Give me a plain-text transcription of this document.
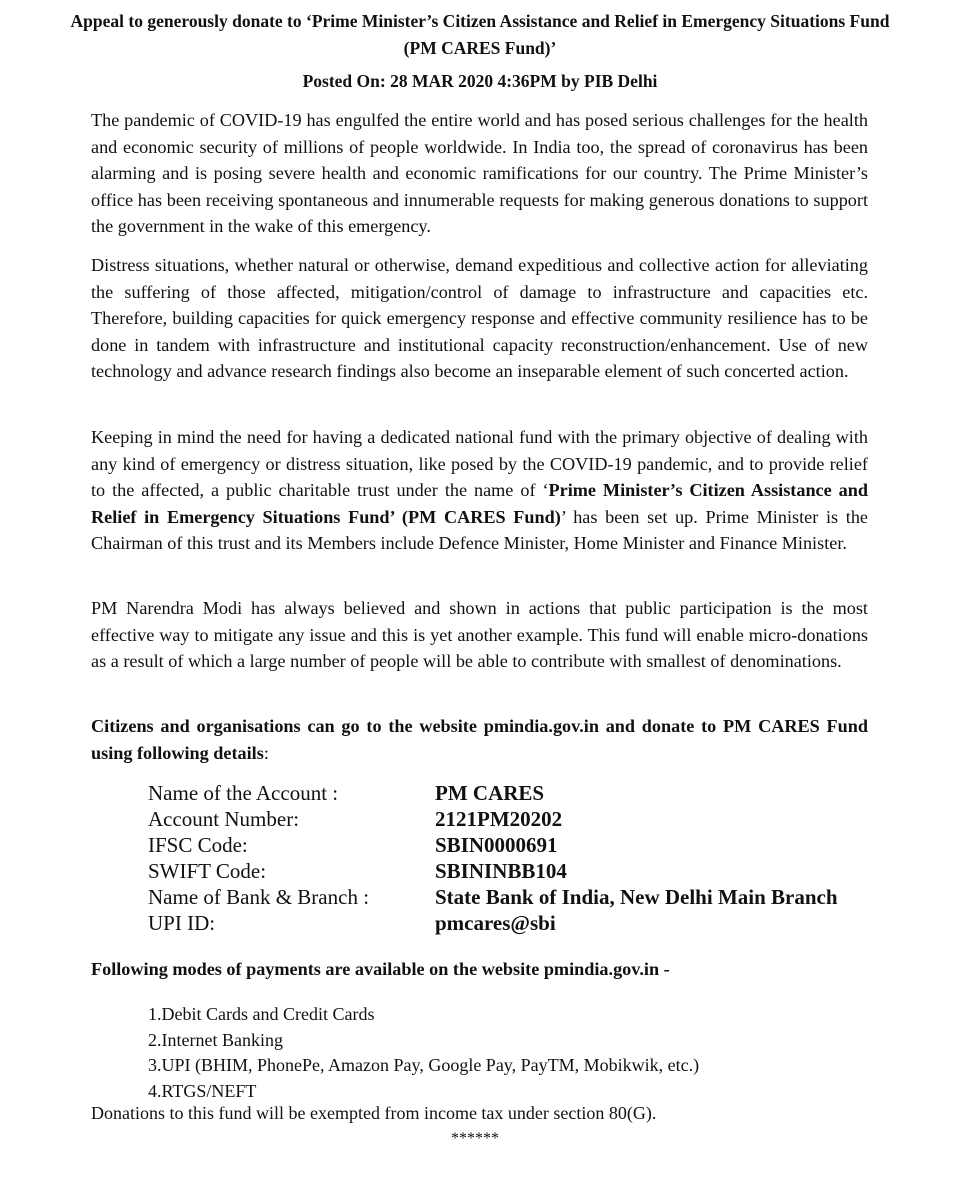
Appeal to generously donate to ‘Prime Minister’s Citizen Assistance and Relief in Emergency Situations Fund (PM CARES Fund)’
Posted On: 28 MAR 2020 4:36PM by PIB Delhi

The pandemic of COVID-19 has engulfed the entire world and has posed serious challenges for the health and economic security of millions of people worldwide. In India too, the spread of coronavirus has been alarming and is posing severe health and economic ramifications for our country. The Prime Minister’s office has been receiving spontaneous and innumerable requests for making generous donations to support the government in the wake of this emergency.

Distress situations, whether natural or otherwise, demand expeditious and collective action for alleviating the suffering of those affected, mitigation/control of damage to infrastructure and capacities etc. Therefore, building capacities for quick emergency response and effective community resilience has to be done in tandem with infrastructure and institutional capacity reconstruction/enhancement. Use of new technology and advance research findings also become an inseparable element of such concerted action.

Keeping in mind the need for having a dedicated national fund with the primary objective of dealing with any kind of emergency or distress situation, like posed by the COVID-19 pandemic, and to provide relief to the affected, a public charitable trust under the name of ‘Prime Minister’s Citizen Assistance and Relief in Emergency Situations Fund’ (PM CARES Fund)’ has been set up. Prime Minister is the Chairman of this trust and its Members include Defence Minister, Home Minister and Finance Minister.

PM Narendra Modi has always believed and shown in actions that public participation is the most effective way to mitigate any issue and this is yet another example. This fund will enable micro-donations as a result of which a large number of people will be able to contribute with smallest of denominations.

Citizens and organisations can go to the website pmindia.gov.in and donate to PM CARES Fund using following details:

Name of the Account :	PM CARES
Account Number:	2121PM20202
IFSC Code:	SBIN0000691
SWIFT Code:	SBININBB104
Name of Bank & Branch :	State Bank of India, New Delhi Main Branch
UPI ID:	pmcares@sbi

Following modes of payments are available on the website pmindia.gov.in -

1.Debit Cards and Credit Cards
2.Internet Banking
3.UPI (BHIM, PhonePe, Amazon Pay, Google Pay, PayTM, Mobikwik, etc.)
4.RTGS/NEFT
Donations to this fund will be exempted from income tax under section 80(G).
******
